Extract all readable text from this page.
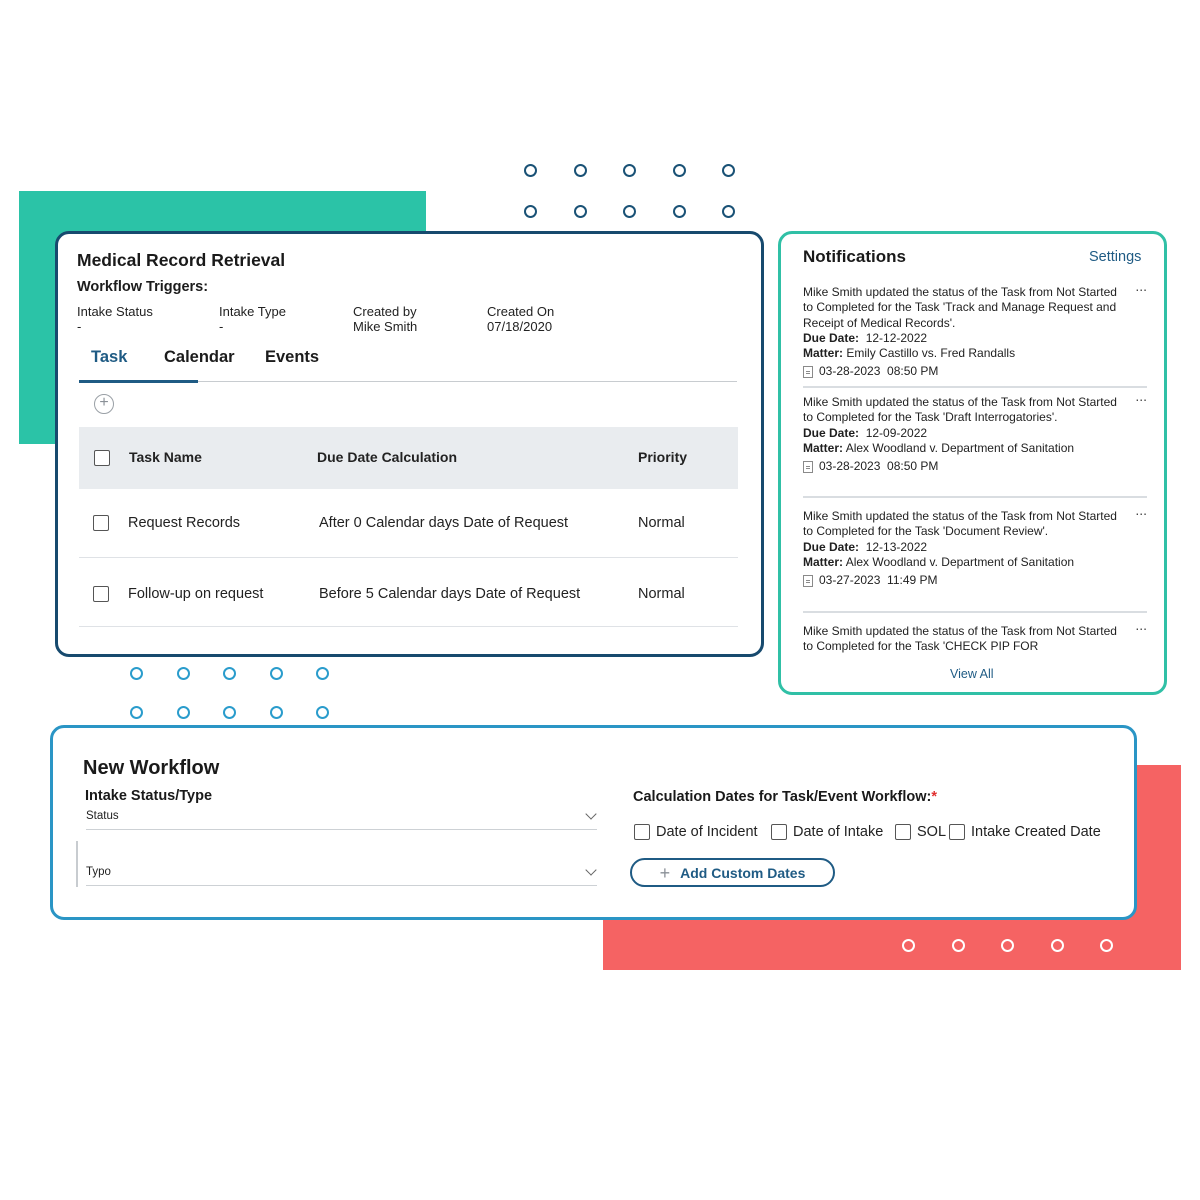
Medical Record Retrieval
Workflow Triggers:
Intake Status
-
Intake Type
-
Created by
Mike Smith
Created On
07/18/2020
Task Calendar Events
+
Task Name	Due Date Calculation	Priority
Request Records	After 0 Calendar days Date of Request	Normal
Follow-up on request	Before 5 Calendar days Date of Request	Normal
Notifications	Settings
...
Mike Smith updated the status of the Task from Not Started to Completed for the Task 'Track and Manage Request and Receipt of Medical Records'.
Due Date: 12-12-2022
Matter: Emily Castillo vs. Fred Randalls
03-28-2023  08:50 PM
...
Mike Smith updated the status of the Task from Not Started to Completed for the Task 'Draft Interrogatories'.
Due Date: 12-09-2022
Matter: Alex Woodland v. Department of Sanitation
03-28-2023  08:50 PM
...
Mike Smith updated the status of the Task from Not Started to Completed for the Task 'Document Review'.
Due Date: 12-13-2022
Matter: Alex Woodland v. Department of Sanitation
03-27-2023  11:49 PM
...
Mike Smith updated the status of the Task from Not Started to Completed for the Task 'CHECK PIP FOR
View All
New Workflow
Intake Status/Type
Status
Typo
Calculation Dates for Task/Event Workflow:*
Date of Incident Date of Intake SOL Intake Created Date
+ Add Custom Dates
